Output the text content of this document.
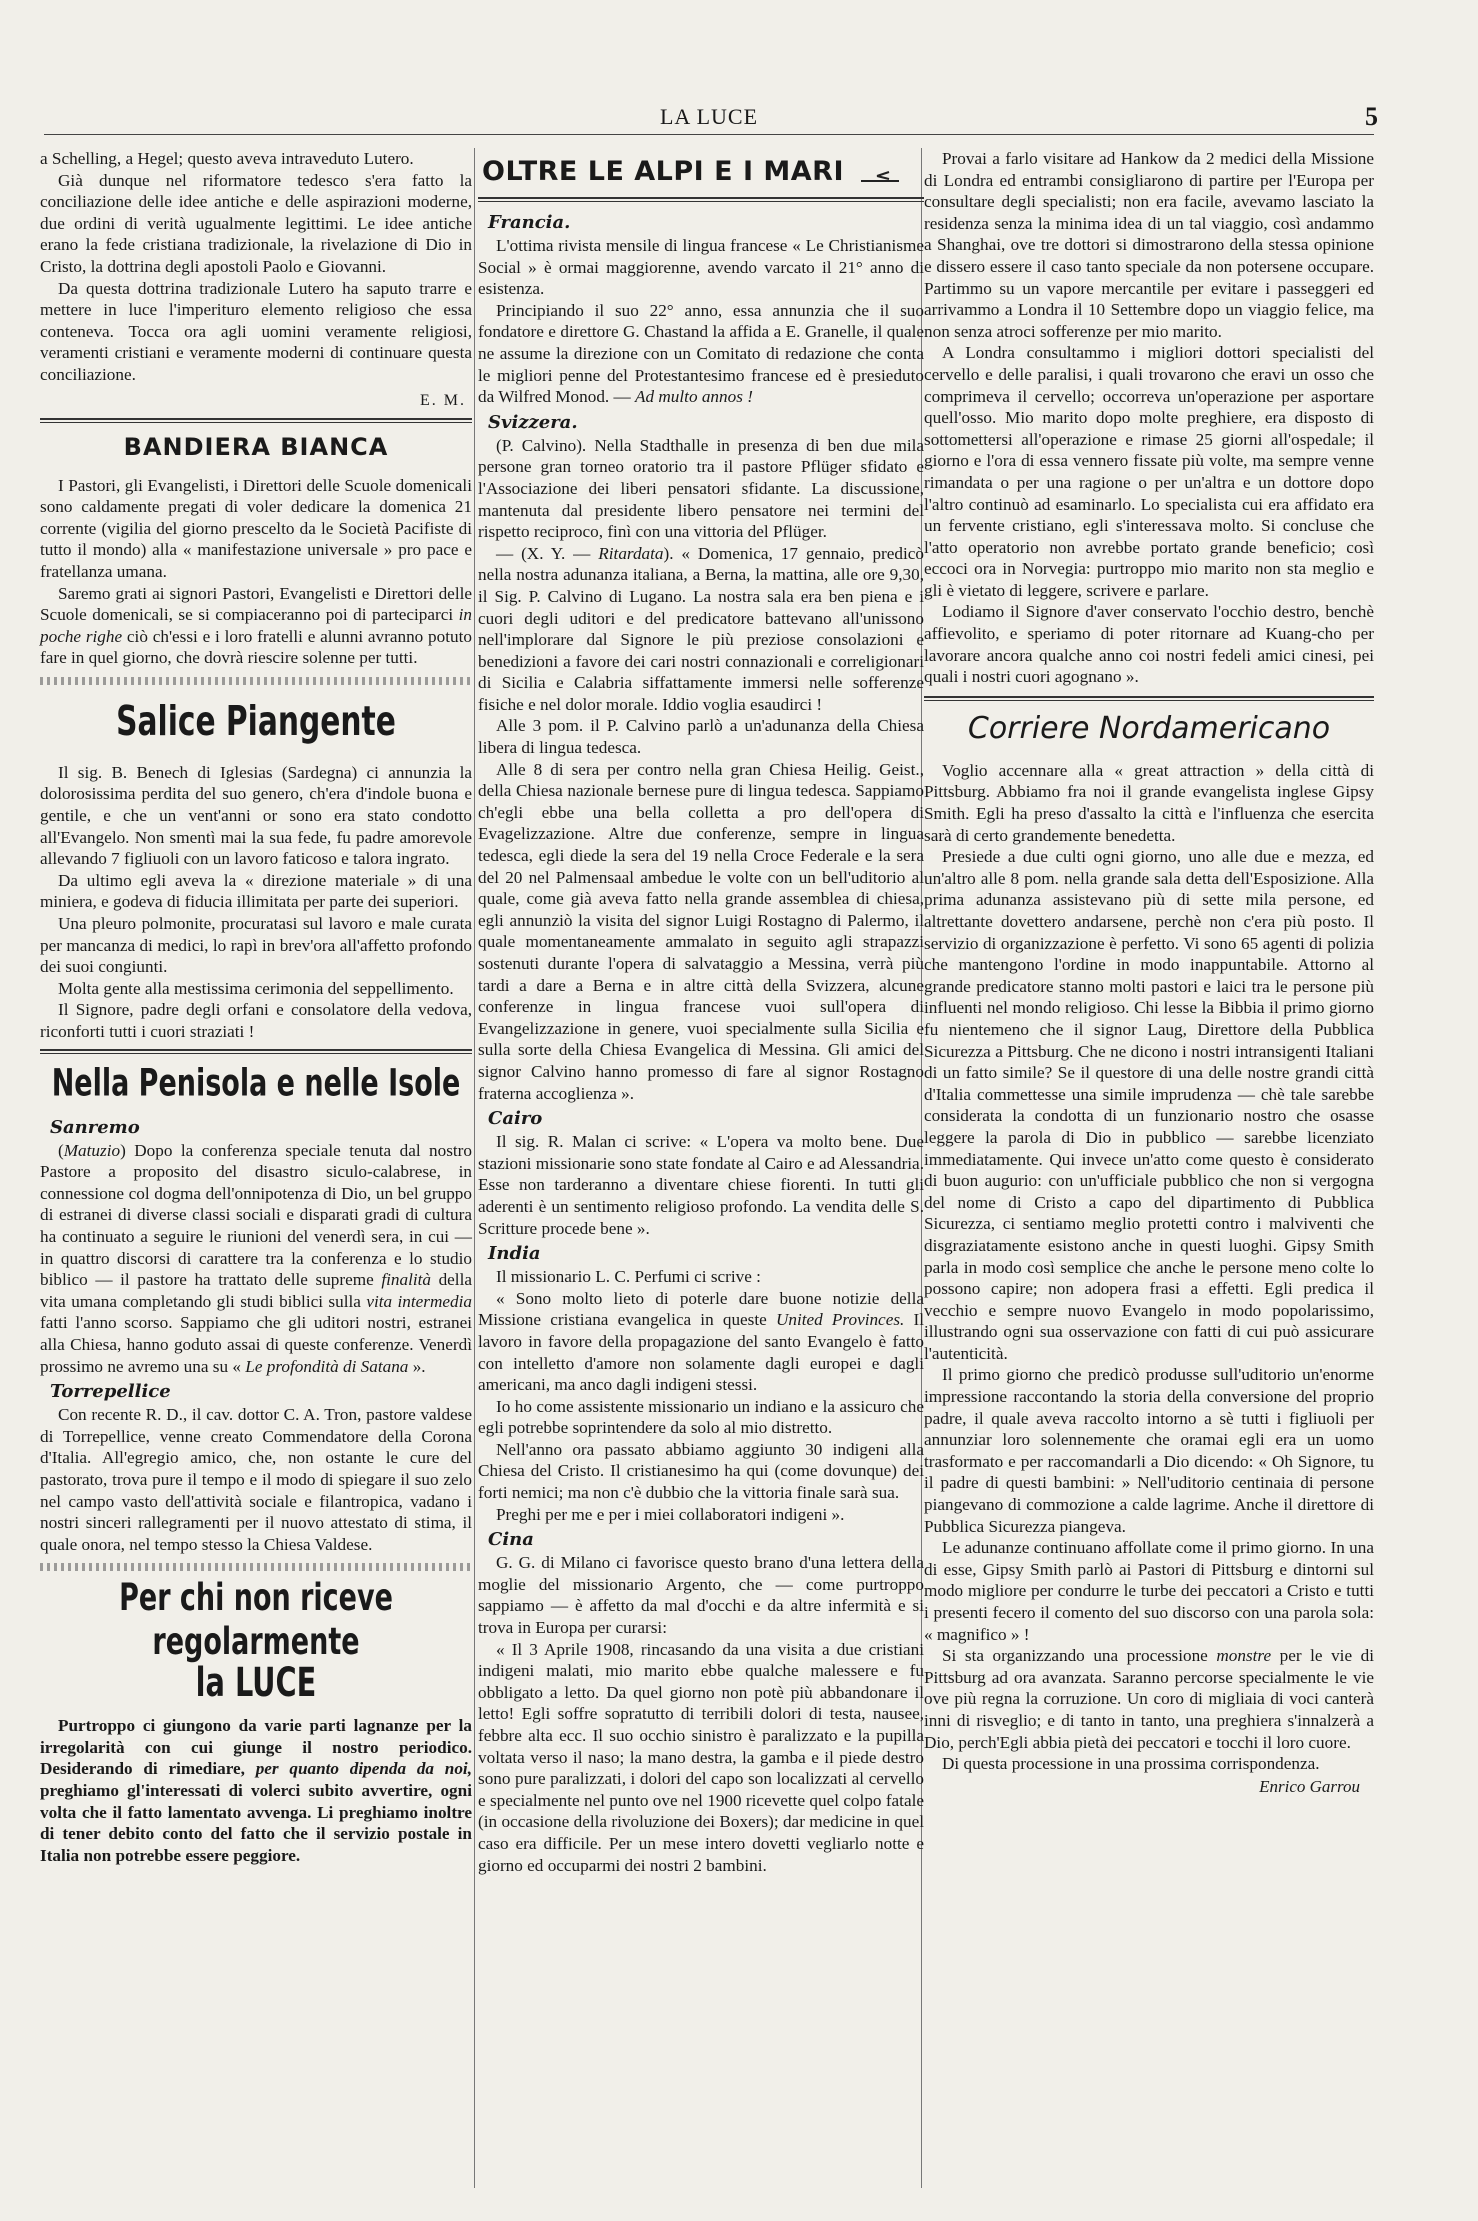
LA LUCE	5

a Schelling, a Hegel; questo aveva intraveduto Lutero.

Già dunque nel riformatore tedesco s'era fatto la conciliazione delle idee antiche e delle aspirazioni moderne, due ordini di verità ugualmente legittimi. Le idee antiche erano la fede cristiana tradizionale, la rivelazione di Dio in Cristo, la dottrina degli apostoli Paolo e Giovanni.

Da questa dottrina tradizionale Lutero ha saputo trarre e mettere in luce l'imperituro elemento religioso che essa conteneva. Tocca ora agli uomini veramente religiosi, veramenti cristiani e veramente moderni di continuare questa conciliazione.

E. M.
BANDIERA BIANCA

I Pastori, gli Evangelisti, i Direttori delle Scuole domenicali sono caldamente pregati di voler dedicare la domenica 21 corrente (vigilia del giorno prescelto da le Società Pacifiste di tutto il mondo) alla « manifestazione universale » pro pace e fratellanza umana.

Saremo grati ai signori Pastori, Evangelisti e Direttori delle Scuole domenicali, se si compiaceranno poi di parteciparci in poche righe ciò ch'essi e i loro fratelli e alunni avranno potuto fare in quel giorno, che dovrà riescire solenne per tutti.

Salice Piangente

Il sig. B. Benech di Iglesias (Sardegna) ci annunzia la dolorosissima perdita del suo genero, ch'era d'indole buona e gentile, e che un vent'anni or sono era stato condotto all'Evangelo. Non smentì mai la sua fede, fu padre amorevole allevando 7 figliuoli con un lavoro faticoso e talora ingrato.

Da ultimo egli aveva la « direzione materiale » di una miniera, e godeva di fiducia illimitata per parte dei superiori.

Una pleuro polmonite, procuratasi sul lavoro e male curata per mancanza di medici, lo rapì in brev'ora all'affetto profondo dei suoi congiunti.

Molta gente alla mestissima cerimonia del seppellimento.

Il Signore, padre degli orfani e consolatore della vedova, riconforti tutti i cuori straziati !

Nella Penisola e nelle Isole
Sanremo

(Matuzio) Dopo la conferenza speciale tenuta dal nostro Pastore a proposito del disastro siculo-calabrese, in connessione col dogma dell'onnipotenza di Dio, un bel gruppo di estranei di diverse classi sociali e disparati gradi di cultura ha continuato a seguire le riunioni del venerdì sera, in cui — in quattro discorsi di carattere tra la conferenza e lo studio biblico — il pastore ha trattato delle supreme finalità della vita umana completando gli studi biblici sulla vita intermedia fatti l'anno scorso. Sappiamo che gli uditori nostri, estranei alla Chiesa, hanno goduto assai di queste conferenze. Venerdì prossimo ne avremo una su « Le profondità di Satana ».

Torrepellice

Con recente R. D., il cav. dottor C. A. Tron, pastore valdese di Torrepellice, venne creato Commendatore della Corona d'Italia. All'egregio amico, che, non ostante le cure del pastorato, trova pure il tempo e il modo di spiegare il suo zelo nel campo vasto dell'attività sociale e filantropica, vadano i nostri sinceri rallegramenti per il nuovo attestato di stima, il quale onora, nel tempo stesso la Chiesa Valdese.

Per chi non riceve regolarmente
la LUCE

Purtroppo ci giungono da varie parti lagnanze per la irregolarità con cui giunge il nostro periodico. Desiderando di rimediare, per quanto dipenda da noi, preghiamo gl'interessati di volerci subito avvertire, ogni volta che il fatto lamentato avvenga. Li preghiamo inoltre di tener debito conto del fatto che il servizio postale in Italia non potrebbe essere peggiore.

OLTRE LE ALPI E I MARI
Francia.

L'ottima rivista mensile di lingua francese « Le Christianisme Social » è ormai maggiorenne, avendo varcato il 21° anno di esistenza.

Principiando il suo 22° anno, essa annunzia che il suo fondatore e direttore G. Chastand la affida a E. Granelle, il quale ne assume la direzione con un Comitato di redazione che conta le migliori penne del Protestantesimo francese ed è presieduto da Wilfred Monod. — Ad multo annos !

Svizzera.

(P. Calvino). Nella Stadthalle in presenza di ben due mila persone gran torneo oratorio tra il pastore Pflüger sfidato e l'Associazione dei liberi pensatori sfidante. La discussione, mantenuta dal presidente libero pensatore nei termini del rispetto reciproco, finì con una vittoria del Pflüger.

— (X. Y. — Ritardata). « Domenica, 17 gennaio, predicò nella nostra adunanza italiana, a Berna, la mattina, alle ore 9,30, il Sig. P. Calvino di Lugano. La nostra sala era ben piena e i cuori degli uditori e del predicatore battevano all'unissono nell'implorare dal Signore le più preziose consolazioni e benedizioni a favore dei cari nostri connazionali e correligionari di Sicilia e Calabria siffattamente immersi nelle sofferenze fisiche e nel dolor morale. Iddio voglia esaudirci !

Alle 3 pom. il P. Calvino parlò a un'adunanza della Chiesa libera di lingua tedesca.

Alle 8 di sera per contro nella gran Chiesa Heilig. Geist., della Chiesa nazionale bernese pure di lingua tedesca. Sappiamo ch'egli ebbe una bella colletta a pro dell'opera di Evagelizzazione. Altre due conferenze, sempre in lingua tedesca, egli diede la sera del 19 nella Croce Federale e la sera del 20 nel Palmensaal ambedue le volte con un bell'uditorio al quale, come già aveva fatto nella grande assemblea di chiesa, egli annunziò la visita del signor Luigi Rostagno di Palermo, il quale momentaneamente ammalato in seguito agli strapazzi sostenuti durante l'opera di salvataggio a Messina, verrà più tardi a dare a Berna e in altre città della Svizzera, alcune conferenze in lingua francese vuoi sull'opera di Evangelizzazione in genere, vuoi specialmente sulla Sicilia e sulla sorte della Chiesa Evangelica di Messina. Gli amici del signor Calvino hanno promesso di fare al signor Rostagno fraterna accoglienza ».

Cairo

Il sig. R. Malan ci scrive: « L'opera va molto bene. Due stazioni missionarie sono state fondate al Cairo e ad Alessandria. Esse non tarderanno a diventare chiese fiorenti. In tutti gli aderenti è un sentimento religioso profondo. La vendita delle S. Scritture procede bene ».

India

Il missionario L. C. Perfumi ci scrive :

« Sono molto lieto di poterle dare buone notizie della Missione cristiana evangelica in queste United Provinces. Il lavoro in favore della propagazione del santo Evangelo è fatto con intelletto d'amore non solamente dagli europei e dagli americani, ma anco dagli indigeni stessi.

Io ho come assistente missionario un indiano e la assicuro che egli potrebbe soprintendere da solo al mio distretto.

Nell'anno ora passato abbiamo aggiunto 30 indigeni alla Chiesa del Cristo. Il cristianesimo ha qui (come dovunque) dei forti nemici; ma non c'è dubbio che la vittoria finale sarà sua.

Preghi per me e per i miei collaboratori indigeni ».

Cina

G. G. di Milano ci favorisce questo brano d'una lettera della moglie del missionario Argento, che — come purtroppo sappiamo — è affetto da mal d'occhi e da altre infermità e si trova in Europa per curarsi:

« Il 3 Aprile 1908, rincasando da una visita a due cristiani indigeni malati, mio marito ebbe qualche malessere e fu obbligato a letto. Da quel giorno non potè più abbandonare il letto! Egli soffre sopratutto di terribili dolori di testa, nausee, febbre alta ecc. Il suo occhio sinistro è paralizzato e la pupilla voltata verso il naso; la mano destra, la gamba e il piede destro sono pure paralizzati, i dolori del capo son localizzati al cervello e specialmente nel punto ove nel 1900 ricevette quel colpo fatale (in occasione della rivoluzione dei Boxers); dar medicine in quel caso era difficile. Per un mese intero dovetti vegliarlo notte e giorno ed occuparmi dei nostri 2 bambini.

Provai a farlo visitare ad Hankow da 2 medici della Missione di Londra ed entrambi consigliarono di partire per l'Europa per consultare degli specialisti; non era facile, avevamo lasciato la residenza senza la minima idea di un tal viaggio, così andammo a Shanghai, ove tre dottori si dimostrarono della stessa opinione e dissero essere il caso tanto speciale da non potersene occupare. Partimmo su un vapore mercantile per evitare i passeggeri ed arrivammo a Londra il 10 Settembre dopo un viaggio felice, ma non senza atroci sofferenze per mio marito.

A Londra consultammo i migliori dottori specialisti del cervello e delle paralisi, i quali trovarono che eravi un osso che comprimeva il cervello; occorreva un'operazione per asportare quell'osso. Mio marito dopo molte preghiere, era disposto di sottomettersi all'operazione e rimase 25 giorni all'ospedale; il giorno e l'ora di essa vennero fissate più volte, ma sempre venne rimandata o per una ragione o per un'altra e un dottore dopo l'altro continuò ad esaminarlo. Lo specialista cui era affidato era un fervente cristiano, egli s'interessava molto. Si concluse che l'atto operatorio non avrebbe portato grande beneficio; così eccoci ora in Norvegia: purtroppo mio marito non sta meglio e gli è vietato di leggere, scrivere e parlare.

Lodiamo il Signore d'aver conservato l'occhio destro, benchè affievolito, e speriamo di poter ritornare ad Kuang-cho per lavorare ancora qualche anno coi nostri fedeli amici cinesi, pei quali i nostri cuori agognano ».

Corriere Nordamericano

Voglio accennare alla « great attraction » della città di Pittsburg. Abbiamo fra noi il grande evangelista inglese Gipsy Smith. Egli ha preso d'assalto la città e l'influenza che esercita sarà di certo grandemente benedetta.

Presiede a due culti ogni giorno, uno alle due e mezza, ed un'altro alle 8 pom. nella grande sala detta dell'Esposizione. Alla prima adunanza assistevano più di sette mila persone, ed altrettante dovettero andarsene, perchè non c'era più posto. Il servizio di organizzazione è perfetto. Vi sono 65 agenti di polizia che mantengono l'ordine in modo inappuntabile. Attorno al grande predicatore stanno molti pastori e laici tra le persone più influenti nel mondo religioso. Chi lesse la Bibbia il primo giorno fu nientemeno che il signor Laug, Direttore della Pubblica Sicurezza a Pittsburg. Che ne dicono i nostri intransigenti Italiani di un fatto simile? Se il questore di una delle nostre grandi città d'Italia commettesse una simile imprudenza — chè tale sarebbe considerata la condotta di un funzionario nostro che osasse leggere la parola di Dio in pubblico — sarebbe licenziato immediatamente. Qui invece un'atto come questo è considerato di buon augurio: con un'ufficiale pubblico che non si vergogna del nome di Cristo a capo del dipartimento di Pubblica Sicurezza, ci sentiamo meglio protetti contro i malviventi che disgraziatamente esistono anche in questi luoghi. Gipsy Smith parla in modo così semplice che anche le persone meno colte lo possono capire; non adopera frasi a effetti. Egli predica il vecchio e sempre nuovo Evangelo in modo popolarissimo, illustrando ogni sua osservazione con fatti di cui può assicurare l'autenticità.

Il primo giorno che predicò produsse sull'uditorio un'enorme impressione raccontando la storia della conversione del proprio padre, il quale aveva raccolto intorno a sè tutti i figliuoli per annunziar loro solennemente che oramai egli era un uomo trasformato e per raccomandarli a Dio dicendo: « Oh Signore, tu il padre di questi bambini: » Nell'uditorio centinaia di persone piangevano di commozione a calde lagrime. Anche il direttore di Pubblica Sicurezza piangeva.

Le adunanze continuano affollate come il primo giorno. In una di esse, Gipsy Smith parlò ai Pastori di Pittsburg e dintorni sul modo migliore per condurre le turbe dei peccatori a Cristo e tutti i presenti fecero il comento del suo discorso con una parola sola: « magnifico » !

Si sta organizzando una processione monstre per le vie di Pittsburg ad ora avanzata. Saranno percorse specialmente le vie ove più regna la corruzione. Un coro di migliaia di voci canterà inni di risveglio; e di tanto in tanto, una preghiera s'innalzerà a Dio, perch'Egli abbia pietà dei peccatori e tocchi il loro cuore.

Di questa processione in una prossima corrispondenza.

Enrico Garrou
